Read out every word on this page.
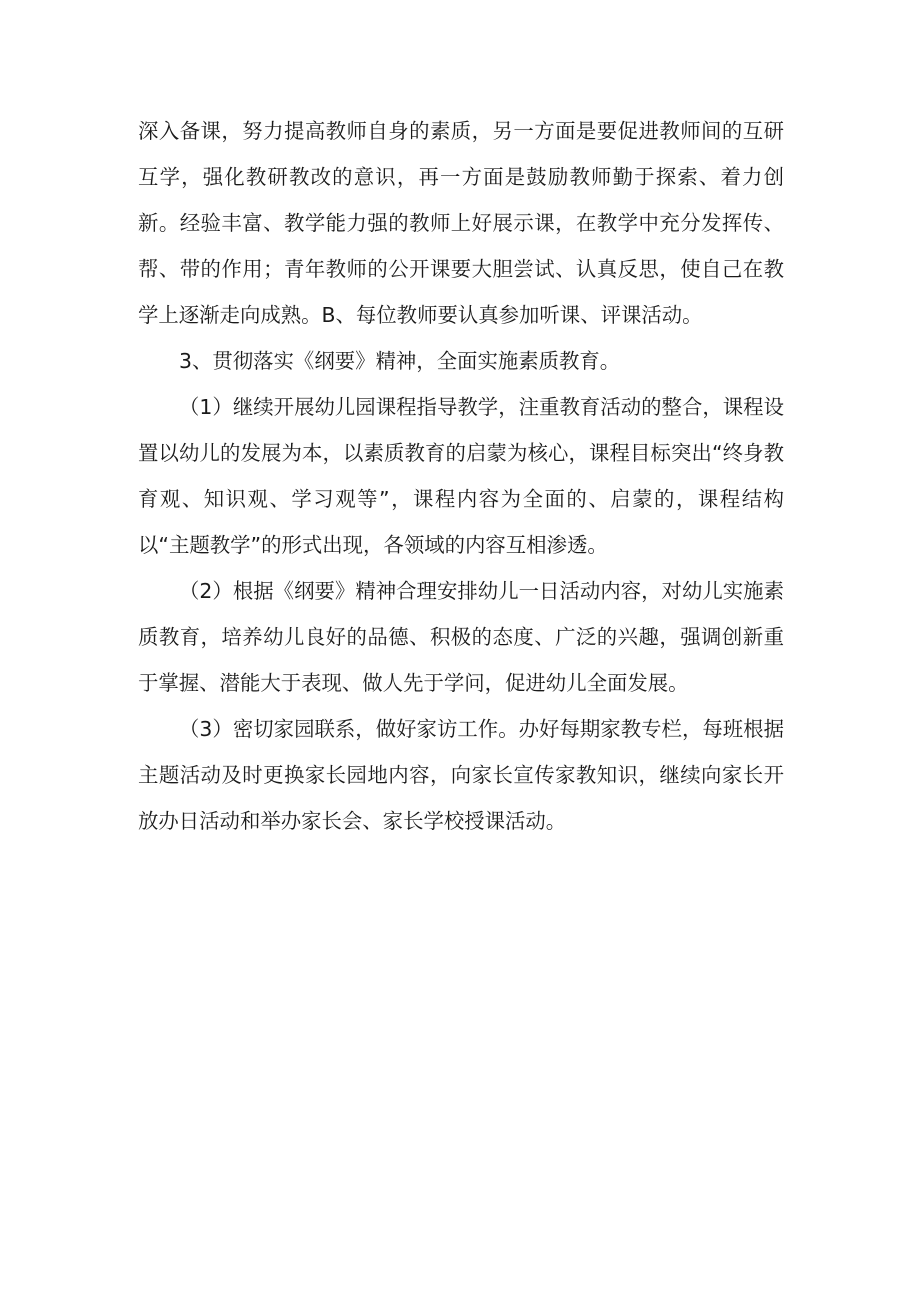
深入备课，努力提高教师自身的素质，另一方面是要促进教师间的互研互学，强化教研教改的意识，再一方面是鼓励教师勤于探索、着力创新。经验丰富、教学能力强的教师上好展示课，在教学中充分发挥传、帮、带的作用；青年教师的公开课要大胆尝试、认真反思，使自己在教学上逐渐走向成熟。B、每位教师要认真参加听课、评课活动。

3、贯彻落实《纲要》精神，全面实施素质教育。

（1）继续开展幼儿园课程指导教学，注重教育活动的整合，课程设置以幼儿的发展为本，以素质教育的启蒙为核心，课程目标突出“终身教育观、知识观、学习观等”，课程内容为全面的、启蒙的，课程结构以“主题教学”的形式出现，各领域的内容互相渗透。

（2）根据《纲要》精神合理安排幼儿一日活动内容，对幼儿实施素质教育，培养幼儿良好的品德、积极的态度、广泛的兴趣，强调创新重于掌握、潜能大于表现、做人先于学问，促进幼儿全面发展。

（3）密切家园联系，做好家访工作。办好每期家教专栏，每班根据主题活动及时更换家长园地内容，向家长宣传家教知识，继续向家长开放办日活动和举办家长会、家长学校授课活动。
